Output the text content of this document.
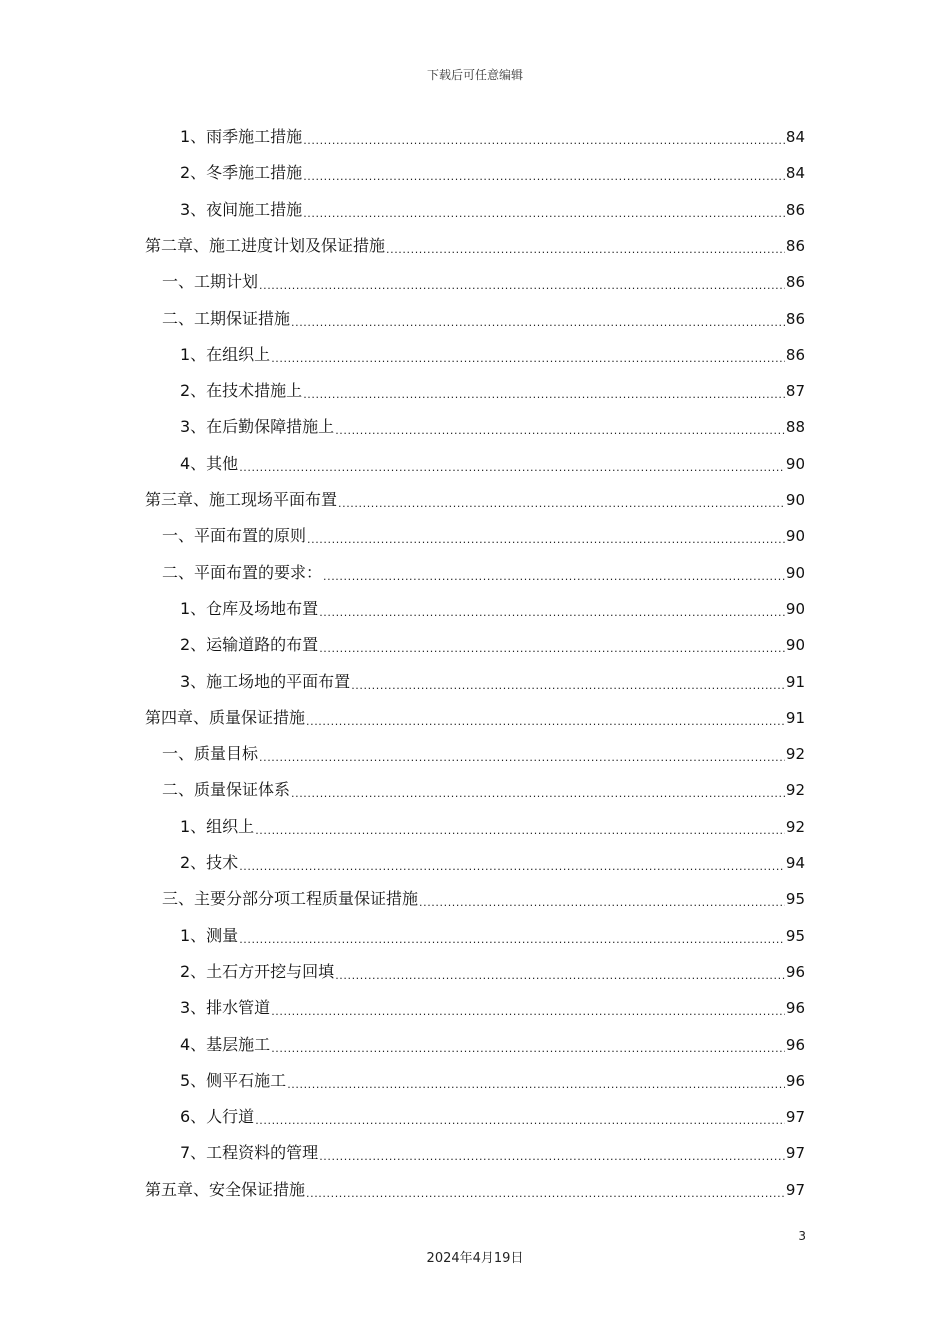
下载后可任意编辑
1、雨季施工措施 .....	84
2、冬季施工措施 .....	84
3、夜间施工措施 .....	86
第二章、施工进度计划及保证措施 .....	86
一、工期计划 .....	86
二、工期保证措施 .....	86
1、在组织上 .....	86
2、在技术措施上 .....	87
3、在后勤保障措施上 .....	88
4、其他 .....	90
第三章、施工现场平面布置 .....	90
一、平面布置的原则 .....	90
二、平面布置的要求： .....	90
1、仓库及场地布置 .....	90
2、运输道路的布置 .....	90
3、施工场地的平面布置 .....	91
第四章、质量保证措施 .....	91
一、质量目标 .....	92
二、质量保证体系 .....	92
1、组织上 .....	92
2、技术 .....	94
三、主要分部分项工程质量保证措施 .....	95
1、测量 .....	95
2、土石方开挖与回填 .....	96
3、排水管道 .....	96
4、基层施工 .....	96
5、侧平石施工 .....	96
6、人行道 .....	97
7、工程资料的管理 .....	97
第五章、安全保证措施 .....	97
3
2024年4月19日
